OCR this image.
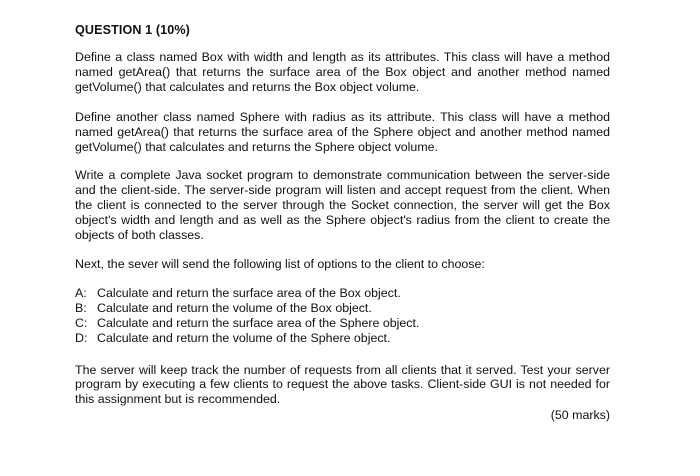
QUESTION 1 (10%)

Define a class named Box with width and length as its attributes. This class will have a method named getArea() that returns the surface area of the Box object and another method named getVolume() that calculates and returns the Box object volume.

Define another class named Sphere with radius as its attribute. This class will have a method named getArea() that returns the surface area of the Sphere object and another method named getVolume() that calculates and returns the Sphere object volume.

Write a complete Java socket program to demonstrate communication between the server-side and the client-side. The server-side program will listen and accept request from the client. When the client is connected to the server through the Socket connection, the server will get the Box object's width and length and as well as the Sphere object's radius from the client to create the objects of both classes.

Next, the sever will send the following list of options to the client to choose:

A: Calculate and return the surface area of the Box object.
B: Calculate and return the volume of the Box object.
C: Calculate and return the surface area of the Sphere object.
D: Calculate and return the volume of the Sphere object.

The server will keep track the number of requests from all clients that it served. Test your server program by executing a few clients to request the above tasks. Client-side GUI is not needed for this assignment but is recommended.

(50 marks)
